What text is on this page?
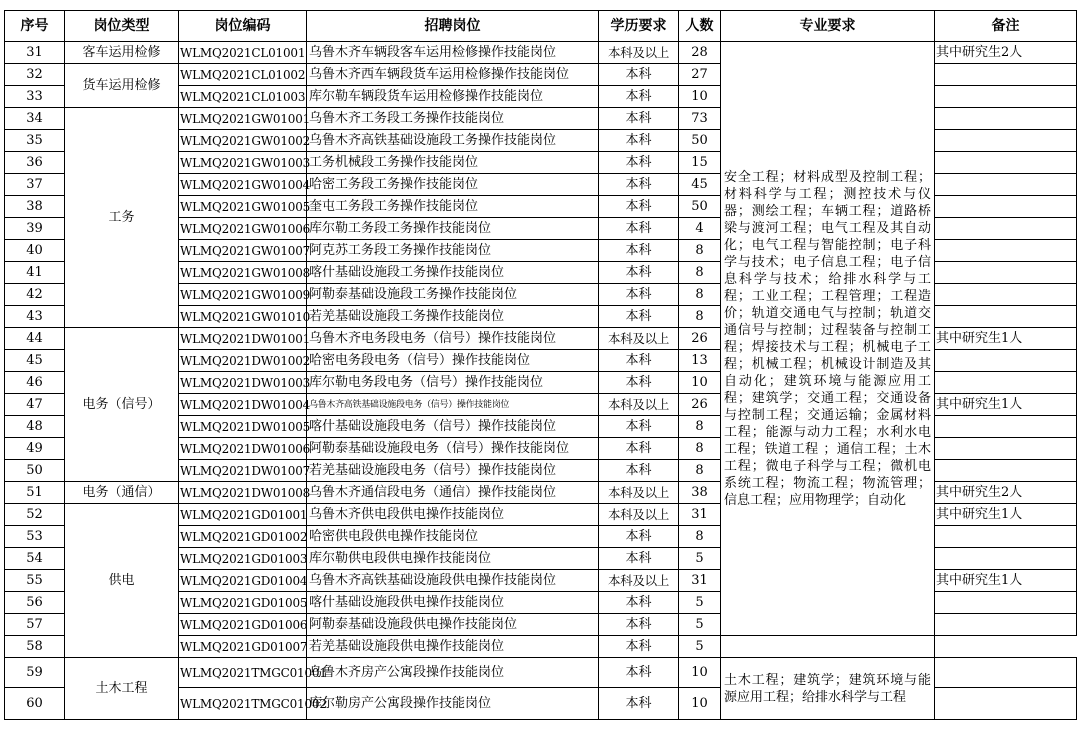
序号	岗位类型	岗位编码	招聘岗位	学历要求	人数	专业要求	备注
31	客车运用检修	WLMQ2021CL01001	乌鲁木齐车辆段客车运用检修操作技能岗位	本科及以上	28	安全工程；材料成型及控制工程；材料科学与工程；测控技术与仪器；测绘工程；车辆工程；道路桥梁与渡河工程；电气工程及其自动化；电气工程与智能控制；电子科学与技术；电子信息工程；电子信息科学与技术；给排水科学与工程；工业工程；工程管理；工程造价；轨道交通电气与控制；轨道交通信号与控制；过程装备与控制工程；焊接技术与工程；机械电子工程；机械工程；机械设计制造及其自动化；建筑环境与能源应用工程；建筑学；交通工程；交通设备与控制工程；交通运输；金属材料工程；能源与动力工程；水利水电工程；铁道工程 ；通信工程；土木工程；微电子科学与工程；微机电系统工程；物流工程；物流管理；信息工程；应用物理学；自动化	其中研究生2人
32	货车运用检修	WLMQ2021CL01002	乌鲁木齐西车辆段货车运用检修操作技能岗位	本科	27		
33		WLMQ2021CL01003	库尔勒车辆段货车运用检修操作技能岗位	本科	10		
34	工务	WLMQ2021GW01001	乌鲁木齐工务段工务操作技能岗位	本科	73		
35		WLMQ2021GW01002	乌鲁木齐高铁基础设施段工务操作技能岗位	本科	50		
36		WLMQ2021GW01003	工务机械段工务操作技能岗位	本科	15		
37		WLMQ2021GW01004	哈密工务段工务操作技能岗位	本科	45		
38		WLMQ2021GW01005	奎屯工务段工务操作技能岗位	本科	50		
39		WLMQ2021GW01006	库尔勒工务段工务操作技能岗位	本科	4		
40		WLMQ2021GW01007	阿克苏工务段工务操作技能岗位	本科	8		
41		WLMQ2021GW01008	喀什基础设施段工务操作技能岗位	本科	8		
42		WLMQ2021GW01009	阿勒泰基础设施段工务操作技能岗位	本科	8		
43		WLMQ2021GW01010	若羌基础设施段工务操作技能岗位	本科	8		
44	电务（信号）	WLMQ2021DW01001	乌鲁木齐电务段电务（信号）操作技能岗位	本科及以上	26		其中研究生1人
45		WLMQ2021DW01002	哈密电务段电务（信号）操作技能岗位	本科	13		
46		WLMQ2021DW01003	库尔勒电务段电务（信号）操作技能岗位	本科	10		
47		WLMQ2021DW01004	乌鲁木齐高铁基础设施段电务（信号）操作技能岗位	本科及以上	26		其中研究生1人
48		WLMQ2021DW01005	喀什基础设施段电务（信号）操作技能岗位	本科	8		
49		WLMQ2021DW01006	阿勒泰基础设施段电务（信号）操作技能岗位	本科	8		
50		WLMQ2021DW01007	若羌基础设施段电务（信号）操作技能岗位	本科	8		
51	电务（通信）	WLMQ2021DW01008	乌鲁木齐通信段电务（通信）操作技能岗位	本科及以上	38		其中研究生2人
52	供电	WLMQ2021GD01001	乌鲁木齐供电段供电操作技能岗位	本科及以上	31		其中研究生1人
53		WLMQ2021GD01002	哈密供电段供电操作技能岗位	本科	8		
54		WLMQ2021GD01003	库尔勒供电段供电操作技能岗位	本科	5		
55		WLMQ2021GD01004	乌鲁木齐高铁基础设施段供电操作技能岗位	本科及以上	31		其中研究生1人
56		WLMQ2021GD01005	喀什基础设施段供电操作技能岗位	本科	5		
57		WLMQ2021GD01006	阿勒泰基础设施段供电操作技能岗位	本科	5		
58		WLMQ2021GD01007	若羌基础设施段供电操作技能岗位	本科	5		
59	土木工程	WLMQ2021TMGC01001	乌鲁木齐房产公寓段操作技能岗位	本科	10	土木工程；建筑学；建筑环境与能源应用工程；给排水科学与工程	

60		WLMQ2021TMGC01002	库尔勒房产公寓段操作技能岗位	本科	10		
